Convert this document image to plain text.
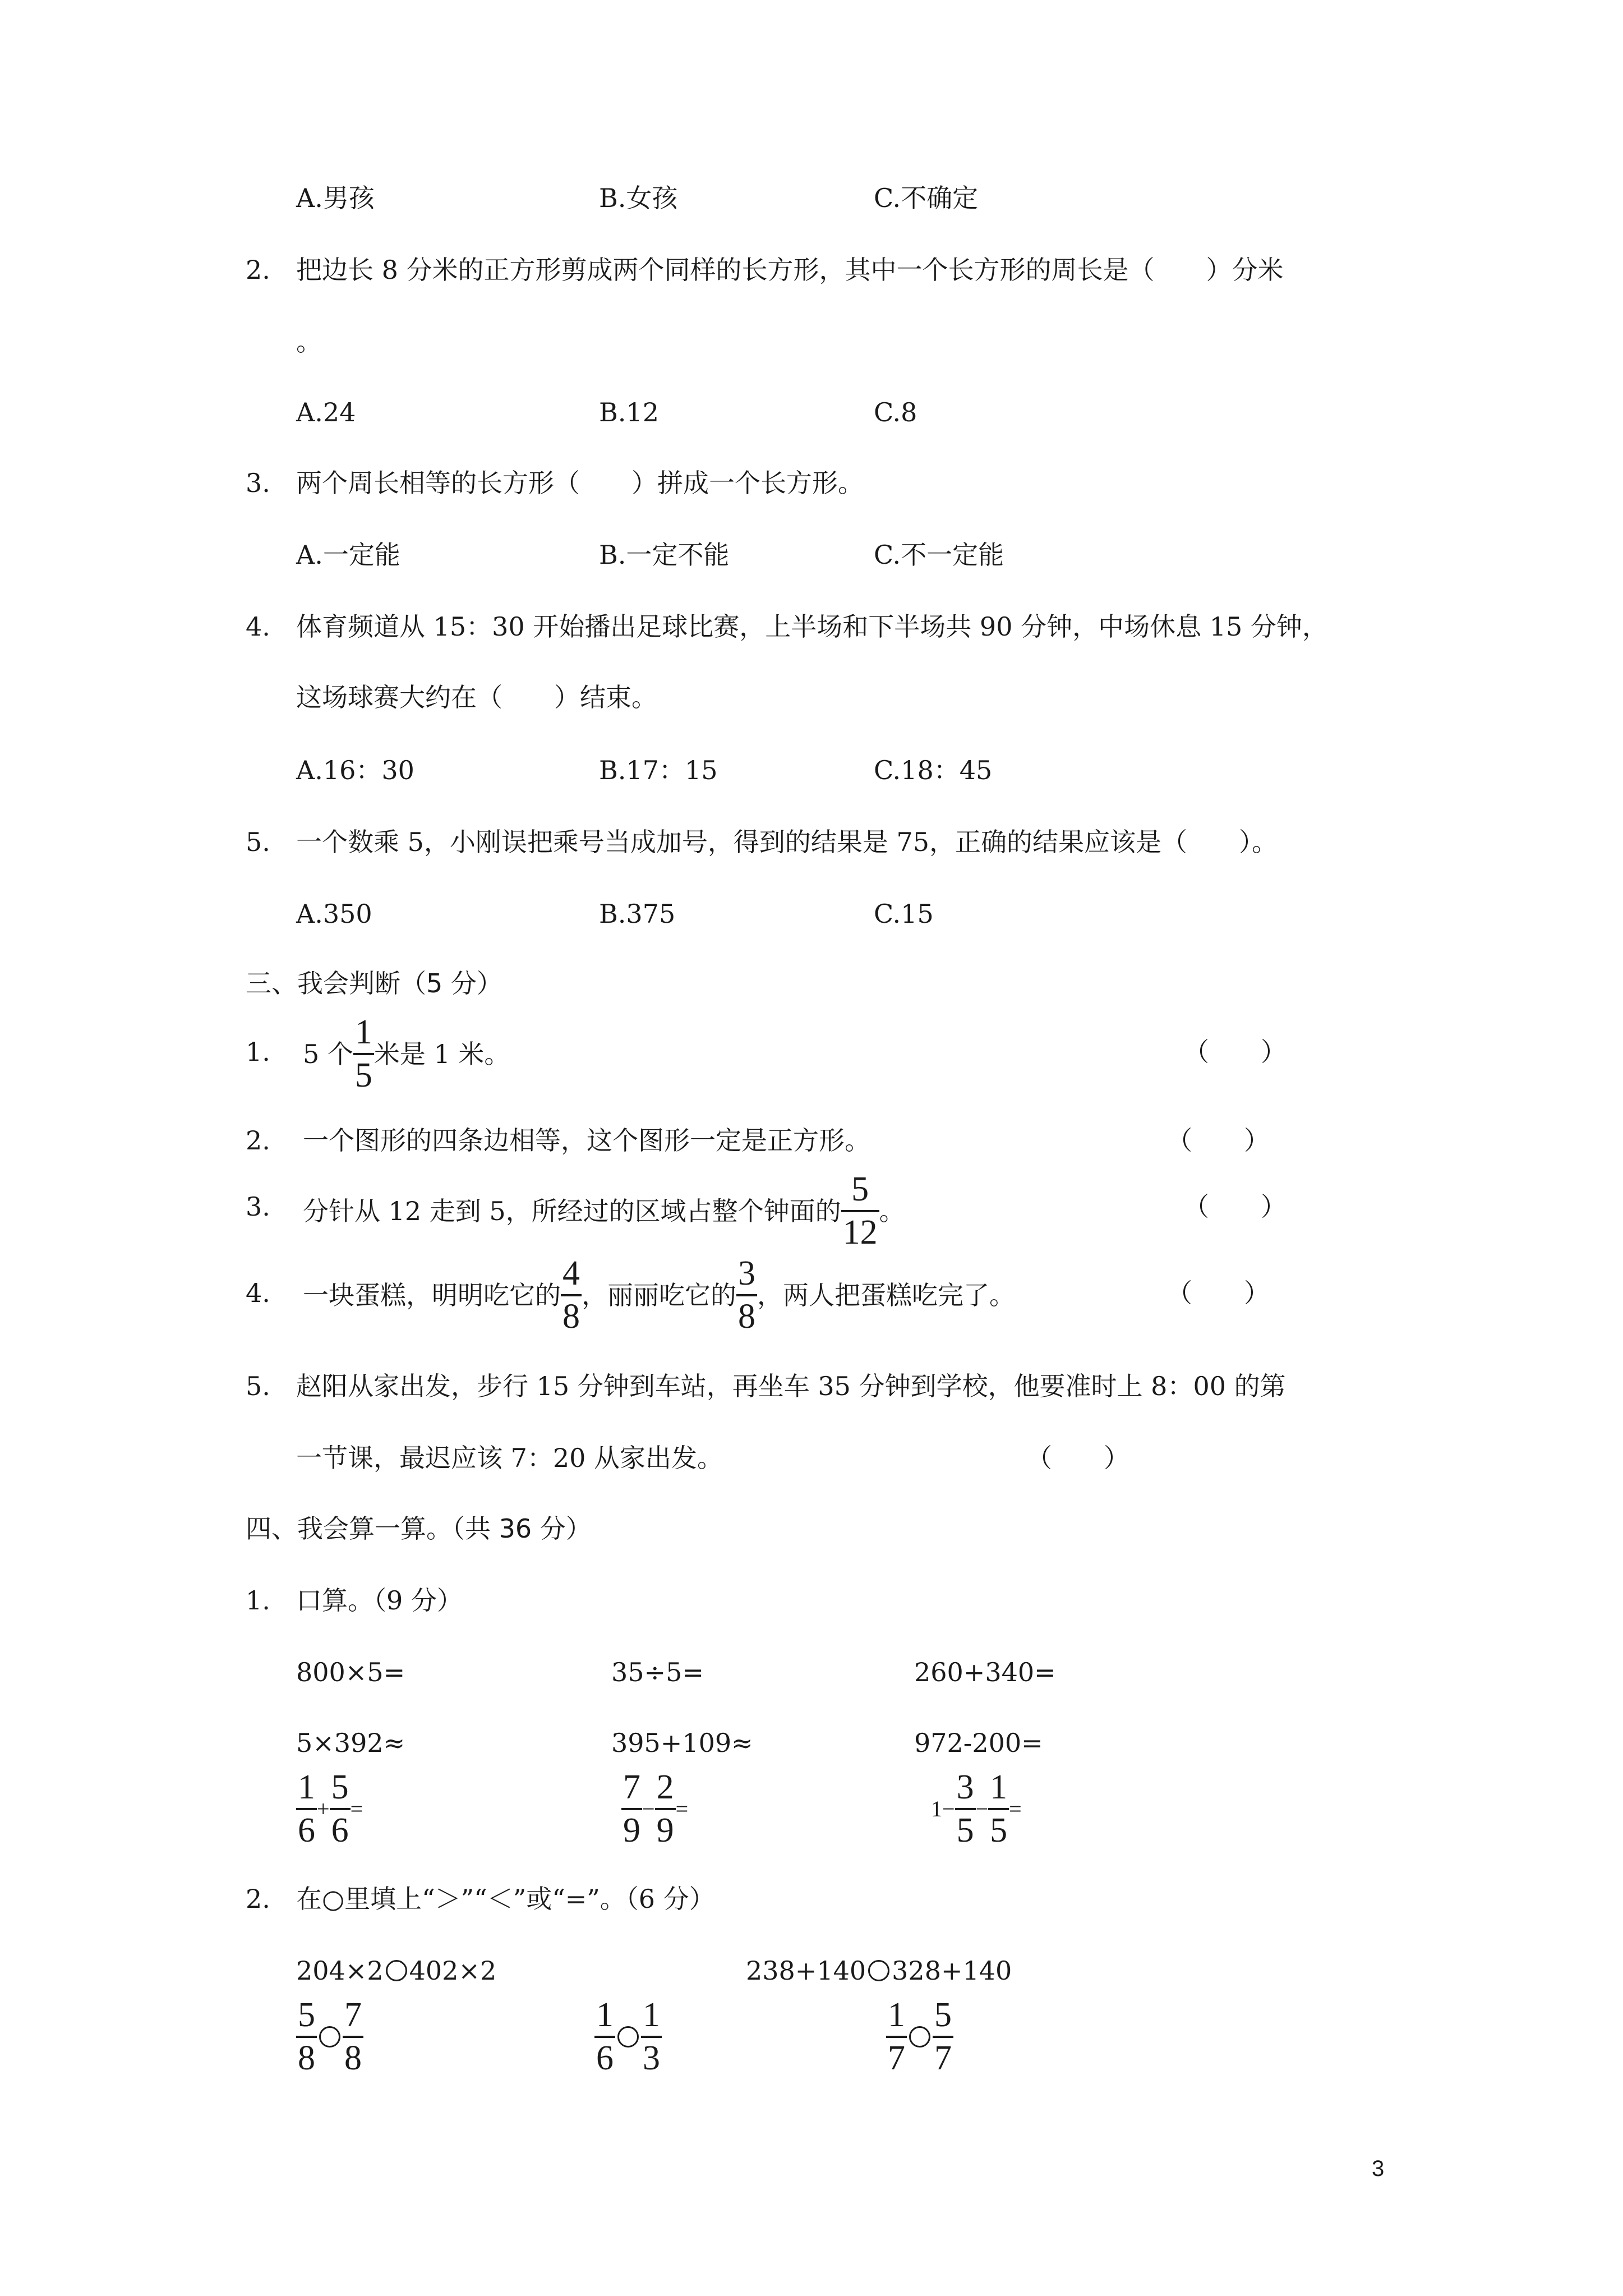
A.男孩	B.女孩	C.不确定
2. 把边长 8 分米的正方形剪成两个同样的长方形，其中一个长方形的周长是（　　）分米
。
A.24	B.12	C.8
3. 两个周长相等的长方形（　　）拼成一个长方形。
A.一定能	B.一定不能	C.不一定能
4. 体育频道从 15：30 开始播出足球比赛，上半场和下半场共 90 分钟，中场休息 15 分钟，
这场球赛大约在（　　）结束。
A.16：30	B.17：15	C.18：45
5. 一个数乘 5，小刚误把乘号当成加号，得到的结果是 75，正确的结果应该是（　　）。
A.350	B.375	C.15
三、我会判断（5 分）
1. 5 个 $\frac{1}{5}$ 米是 1 米。	（　　）
2. 一个图形的四条边相等，这个图形一定是正方形。	（　　）
3. 分针从 12 走到 5，所经过的区域占整个钟面的 $\frac{5}{12}$ 。	（　　）
4. 一块蛋糕，明明吃它的 $\frac{4}{8}$ ，丽丽吃它的 $\frac{3}{8}$ ，两人把蛋糕吃完了。	（　　）
5. 赵阳从家出发，步行 15 分钟到车站，再坐车 35 分钟到学校，他要准时上 8：00 的第
一节课，最迟应该 7：20 从家出发。	（　　）
四、我会算一算。（共 36 分）
1. 口算。（9 分）
800×5=	35÷5=	260+340=
5×392≈	395+109≈	972-200=
$\frac{1}{6} + \frac{5}{6}$ =	$\frac{7}{9} - \frac{2}{9}$ =	$1- \frac{3}{5} - \frac{1}{5}$ =
2. 在○里填上“＞”“＜”或“=”。（6 分）
204×2 402×2	238+140 328+140
$\frac{5}{8} \frac{7}{8}$	$\frac{1}{6} \frac{1}{3}$	$\frac{1}{7} \frac{5}{7}$
3
